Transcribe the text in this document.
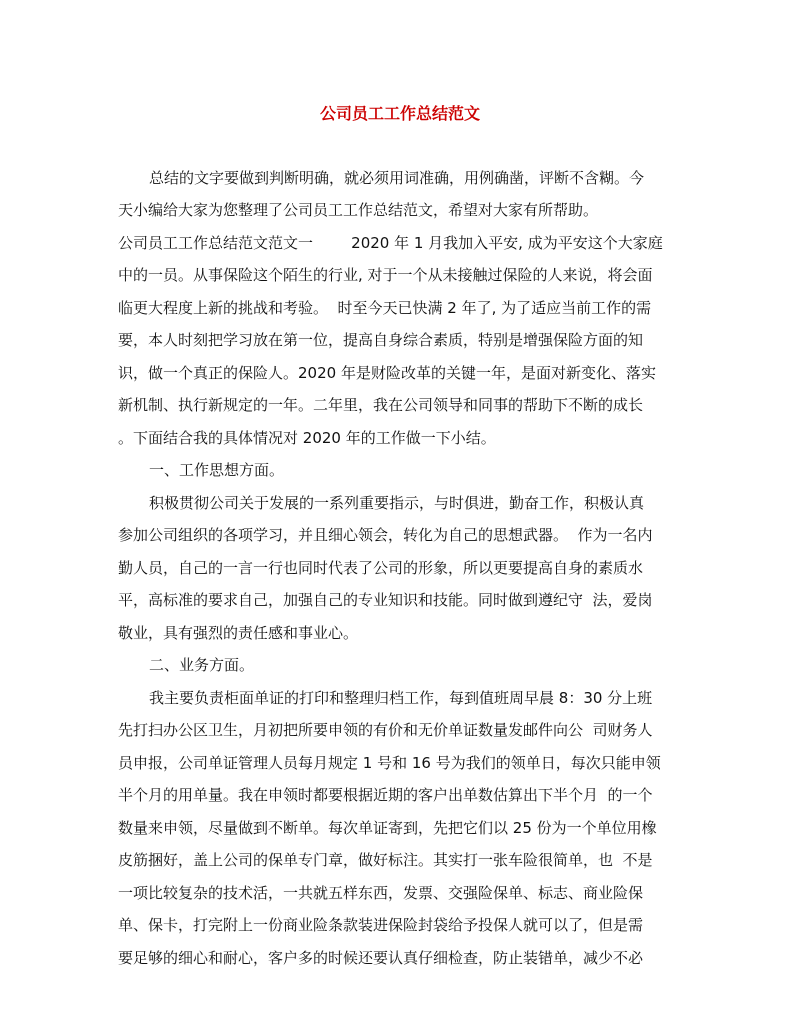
公司员工工作总结范文
总结的文字要做到判断明确，就必须用词准确，用例确凿，评断不含糊。今
天小编给大家为您整理了公司员工工作总结范文，希望对大家有所帮助。
公司员工工作总结范文范文一        2020 年 1 月我加入平安, 成为平安这个大家庭
中的一员。从事保险这个陌生的行业, 对于一个从未接触过保险的人来说，将会面
临更大程度上新的挑战和考验。  时至今天已快满 2 年了, 为了适应当前工作的需
要，本人时刻把学习放在第一位，提高自身综合素质，特别是增强保险方面的知
识，做一个真正的保险人。2020 年是财险改革的关键一年，是面对新变化、落实
新机制、执行新规定的一年。二年里，我在公司领导和同事的帮助下不断的成长
。下面结合我的具体情况对 2020 年的工作做一下小结。
一、工作思想方面。
积极贯彻公司关于发展的一系列重要指示，与时俱进，勤奋工作，积极认真
参加公司组织的各项学习，并且细心领会，转化为自己的思想武器。  作为一名内
勤人员，自己的一言一行也同时代表了公司的形象，所以更要提高自身的素质水
平，高标准的要求自己，加强自己的专业知识和技能。同时做到遵纪守  法，爱岗
敬业，具有强烈的责任感和事业心。
二、业务方面。
我主要负责柜面单证的打印和整理归档工作，每到值班周早晨 8：30 分上班
先打扫办公区卫生，月初把所要申领的有价和无价单证数量发邮件向公  司财务人
员申报，公司单证管理人员每月规定 1 号和 16 号为我们的领单日，每次只能申领
半个月的用单量。我在申领时都要根据近期的客户出单数估算出下半个月  的一个
数量来申领，尽量做到不断单。每次单证寄到，先把它们以 25 份为一个单位用橡
皮筋捆好，盖上公司的保单专门章，做好标注。其实打一张车险很简单，也  不是
一项比较复杂的技术活，一共就五样东西，发票、交强险保单、标志、商业险保
单、保卡，打完附上一份商业险条款装进保险封袋给予投保人就可以了，但是需
要足够的细心和耐心，客户多的时候还要认真仔细检查，防止装错单，减少不必
